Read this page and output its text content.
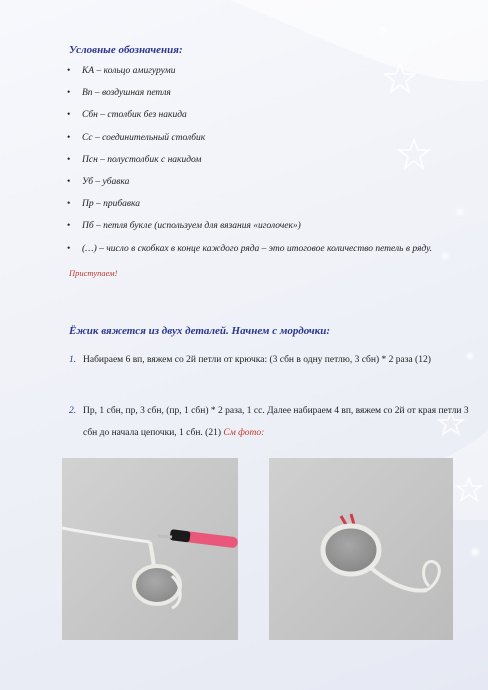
Условные обозначения:
• КА – кольцо амигуруми
• Вп – воздушная петля
• Сбн – столбик без накида
• Сс – соединительный столбик
• Псн – полустолбик с накидом
• Уб – убавка
• Пр – прибавка
• Пб – петля букле (используем для вязания «иголочек»)
• (…) – число в скобках в конце каждого ряда – это итоговое количество петель в ряду.
Приступаем!
Ёжик вяжется из двух деталей. Начнем с мордочки:
1. Набираем 6 вп, вяжем со 2й петли от крючка: (3 сбн в одну петлю, 3 сбн) * 2 раза (12)
2. Пр, 1 сбн, пр, 3 сбн, (пр, 1 сбн) * 2 раза, 1 сс. Далее набираем 4 вп, вяжем со 2й от края петли 3 сбн до начала цепочки, 1 сбн. (21) См фото:
